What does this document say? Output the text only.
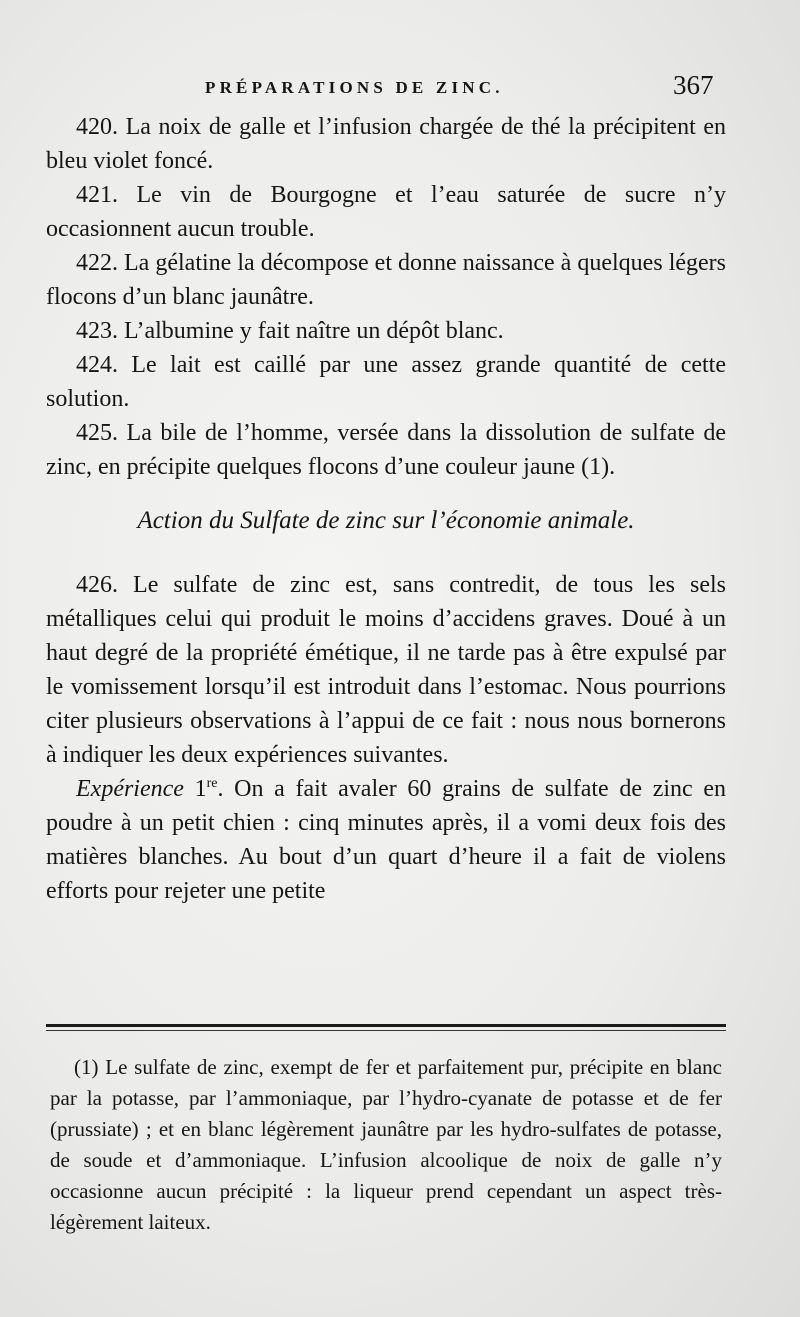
PRÉPARATIONS DE ZINC.	367

420. La noix de galle et l’infusion chargée de thé la précipitent en bleu violet foncé.

421. Le vin de Bourgogne et l’eau saturée de sucre n’y occasionnent aucun trouble.

422. La gélatine la décompose et donne naissance à quelques légers flocons d’un blanc jaunâtre.

423. L’albumine y fait naître un dépôt blanc.

424. Le lait est caillé par une assez grande quantité de cette solution.

425. La bile de l’homme, versée dans la dissolution de sulfate de zinc, en précipite quelques flocons d’une couleur jaune (1).

Action du Sulfate de zinc sur l’économie animale.

426. Le sulfate de zinc est, sans contredit, de tous les sels métalliques celui qui produit le moins d’accidens graves. Doué à un haut degré de la propriété émétique, il ne tarde pas à être expulsé par le vomissement lorsqu’il est introduit dans l’estomac. Nous pourrions citer plusieurs observations à l’appui de ce fait : nous nous bornerons à indiquer les deux expériences suivantes.

Expérience 1re. On a fait avaler 60 grains de sulfate de zinc en poudre à un petit chien : cinq minutes après, il a vomi deux fois des matières blanches. Au bout d’un quart d’heure il a fait de violens efforts pour rejeter une petite

(1) Le sulfate de zinc, exempt de fer et parfaitement pur, précipite en blanc par la potasse, par l’ammoniaque, par l’hydro-cyanate de potasse et de fer (prussiate) ; et en blanc légèrement jaunâtre par les hydro-sulfates de potasse, de soude et d’ammoniaque. L’infusion alcoolique de noix de galle n’y occasionne aucun précipité : la liqueur prend cependant un aspect très-légèrement laiteux.
